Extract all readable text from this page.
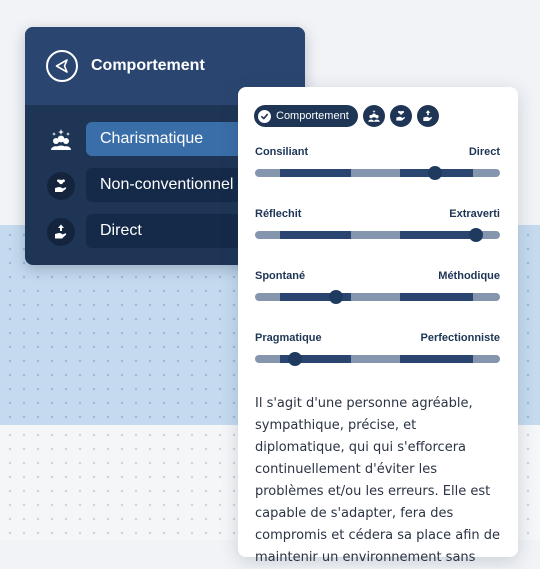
Comportement
Charismatique
Non-conventionnel
Direct
Comportement
Consiliant	Direct
Réflechit	Extraverti
Spontané	Méthodique
Pragmatique	Perfectionniste

Il s'agit d'une personne agréable, sympathique, précise, et diplomatique, qui qui s'efforcera continuellement d'éviter les problèmes et/ou les erreurs. Elle est capable de s'adapter, fera des compromis et cédera sa place afin de maintenir un environnement sans
